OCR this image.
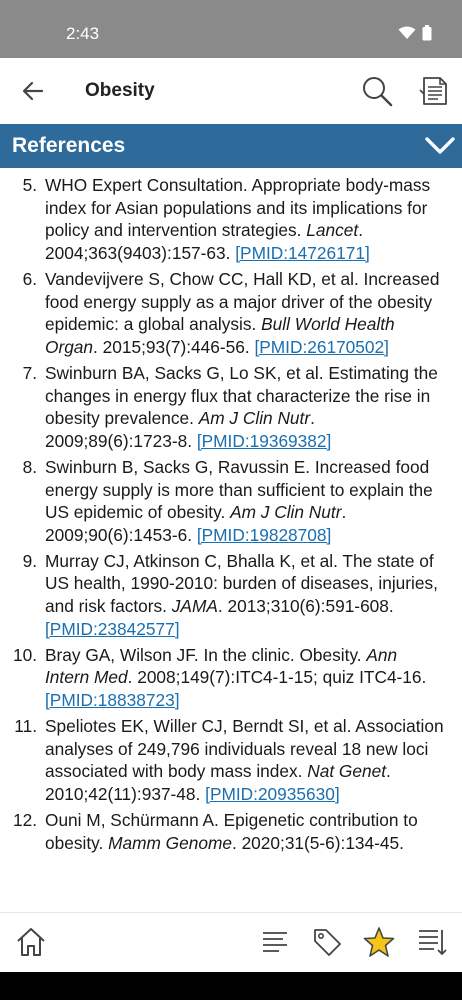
2:43
Obesity
References
5. WHO Expert Consultation. Appropriate body-mass index for Asian populations and its implications for policy and intervention strategies. Lancet. 2004;363(9403):157-63. [PMID:14726171]
6. Vandevijvere S, Chow CC, Hall KD, et al. Increased food energy supply as a major driver of the obesity epidemic: a global analysis. Bull World Health Organ. 2015;93(7):446-56. [PMID:26170502]
7. Swinburn BA, Sacks G, Lo SK, et al. Estimating the changes in energy flux that characterize the rise in obesity prevalence. Am J Clin Nutr. 2009;89(6):1723-8. [PMID:19369382]
8. Swinburn B, Sacks G, Ravussin E. Increased food energy supply is more than sufficient to explain the US epidemic of obesity. Am J Clin Nutr. 2009;90(6):1453-6. [PMID:19828708]
9. Murray CJ, Atkinson C, Bhalla K, et al. The state of US health, 1990-2010: burden of diseases, injuries, and risk factors. JAMA. 2013;310(6):591-608. [PMID:23842577]
10. Bray GA, Wilson JF. In the clinic. Obesity. Ann Intern Med. 2008;149(7):ITC4-1-15; quiz ITC4-16. [PMID:18838723]
11. Speliotes EK, Willer CJ, Berndt SI, et al. Association analyses of 249,796 individuals reveal 18 new loci associated with body mass index. Nat Genet. 2010;42(11):937-48. [PMID:20935630]
12. Ouni M, Schürmann A. Epigenetic contribution to obesity. Mamm Genome. 2020;31(5-6):134-45.
